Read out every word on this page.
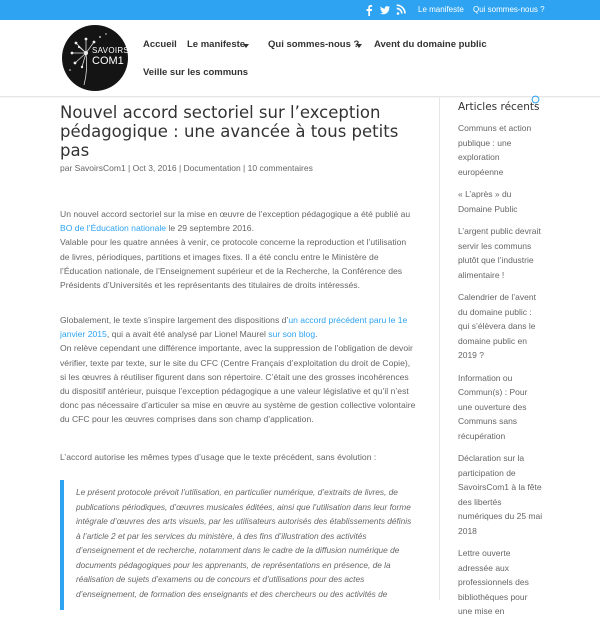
Le manifeste Qui sommes-nous ?
SAVOIRS
COM1
Accueil Le manifeste Qui sommes-nous ? Avent du domaine public
Veille sur les communs
Nouvel accord sectoriel sur l’exception pédagogique : une avancée à tous petits pas
par SavoirsCom1 | Oct 3, 2016 | Documentation | 10 commentaires
Un nouvel accord sectoriel sur la mise en œuvre de l’exception pédagogique a été publié au BO de l’Éducation nationale le 29 septembre 2016.
Valable pour les quatre années à venir, ce protocole concerne la reproduction et l’utilisation de livres, périodiques, partitions et images fixes. Il a été conclu entre le Ministère de l’Éducation nationale, de l’Enseignement supérieur et de la Recherche, la Conférence des Présidents d’Universités et les représentants des titulaires de droits intéressés.
Globalement, le texte s’inspire largement des dispositions d’un accord précédent paru le 1e janvier 2015, qui a avait été analysé par Lionel Maurel sur son blog.
On relève cependant une différence importante, avec la suppression de l’obligation de devoir vérifier, texte par texte, sur le site du CFC (Centre Français d’exploitation du droit de Copie), si les œuvres à réutiliser figurent dans son répertoire. C’était une des grosses incohérences du dispositif antérieur, puisque l’exception pédagogique a une valeur législative et qu’il n’est donc pas nécessaire d’articuler sa mise en œuvre au système de gestion collective volontaire du CFC pour les œuvres comprises dans son champ d’application.
L’accord autorise les mêmes types d’usage que le texte précédent, sans évolution :

Le présent protocole prévoit l’utilisation, en particulier numérique, d’extraits de livres, de publications périodiques, d’œuvres musicales éditées, ainsi que l’utilisation dans leur forme intégrale d’œuvres des arts visuels, par les utilisateurs autorisés des établissements définis à l’article 2 et par les services du ministère, à des fins d’illustration des activités d’enseignement et de recherche, notamment dans le cadre de la diffusion numérique de documents pédagogiques pour les apprenants, de représentations en présence, de la réalisation de sujets d’examens ou de concours et d’utilisations pour des actes d’enseignement, de formation des enseignants et des chercheurs ou des activités de

Articles récents
Communs et action publique : une exploration européenne
« L’après » du Domaine Public
L’argent public devrait servir les communs plutôt que l’industrie alimentaire !
Calendrier de l’avent du domaine public : qui s’élèvera dans le domaine public en 2019 ?
Information ou Commun(s) : Pour une ouverture des Communs sans récupération
Déclaration sur la participation de SavoirsCom1 à la fête des libertés numériques du 25 mai 2018
Lettre ouverte adressée aux professionnels des bibliothèques pour une mise en
